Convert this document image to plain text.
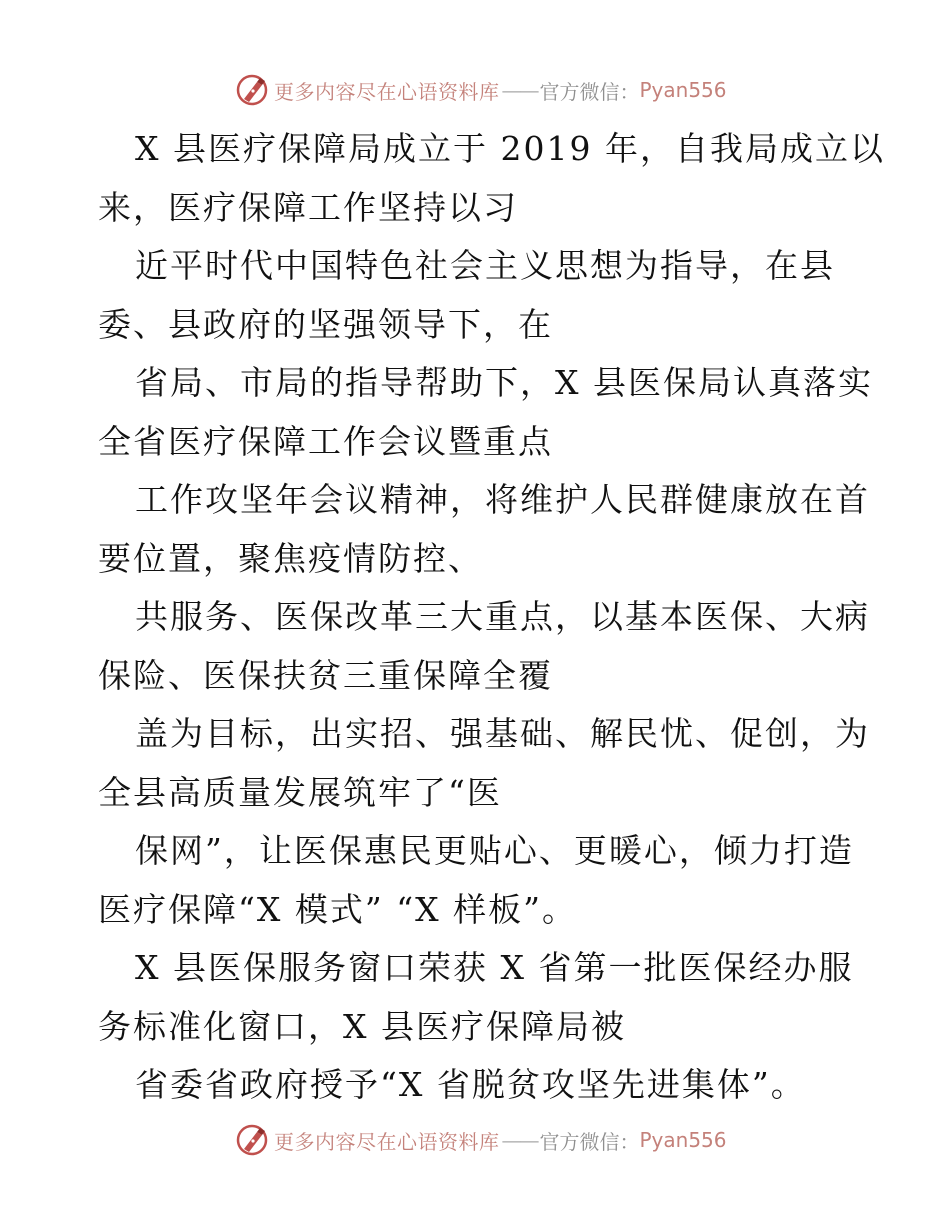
更多内容尽在心语资料库 —— 官方微信： Pyan556

X 县医疗保障局成立于 2019 年，自我局成立以
来，医疗保障工作坚持以习

近平时代中国特色社会主义思想为指导，在县
委、县政府的坚强领导下，在

省局、市局的指导帮助下，X 县医保局认真落实
全省医疗保障工作会议暨重点

工作攻坚年会议精神，将维护人民群健康放在首
要位置，聚焦疫情防控、

共服务、医保改革三大重点，以基本医保、大病
保险、医保扶贫三重保障全覆

盖为目标，出实招、强基础、解民忧、促创，为
全县高质量发展筑牢了“医

保网”，让医保惠民更贴心、更暖心，倾力打造
医疗保障“X 模式” “X 样板”。

X 县医保服务窗口荣获 X 省第一批医保经办服
务标准化窗口，X 县医疗保障局被

省委省政府授予“X 省脱贫攻坚先进集体”。

更多内容尽在心语资料库 —— 官方微信： Pyan556
